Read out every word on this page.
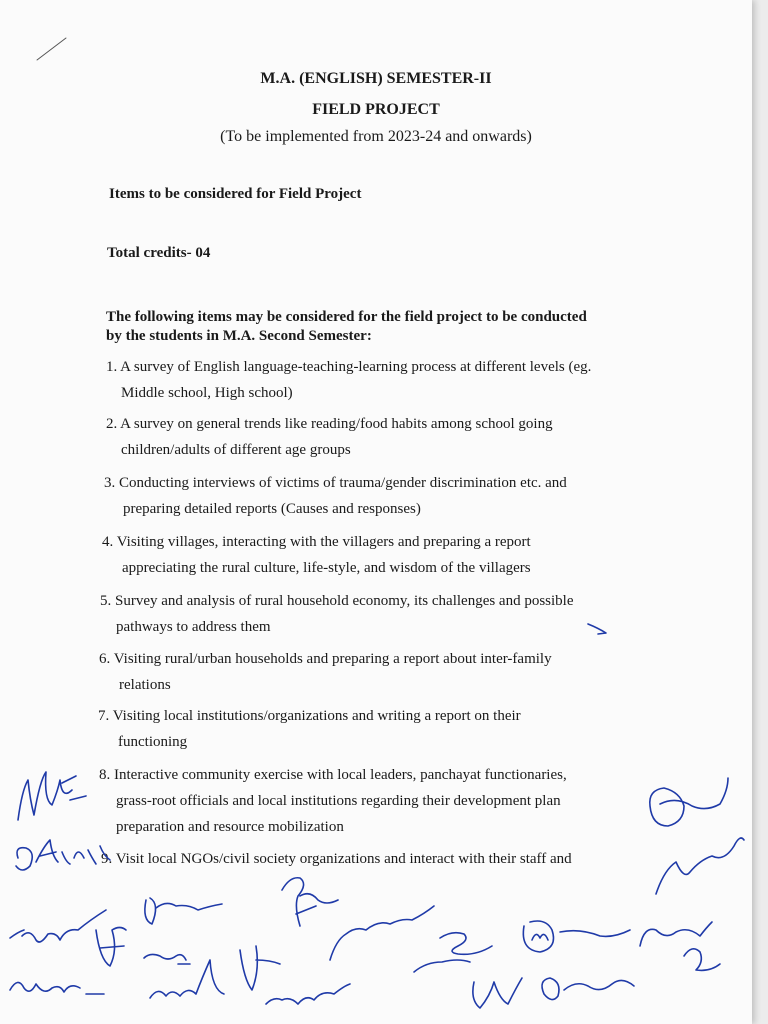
M.A. (ENGLISH) SEMESTER-II
FIELD PROJECT
(To be implemented from 2023-24 and onwards)
Items to be considered for Field Project
Total credits- 04
The following items may be considered for the field project to be conducted
by the students in M.A. Second Semester:
1. A survey of English language-teaching-learning process at different levels (eg.
Middle school, High school)
2. A survey on general trends like reading/food habits among school going
children/adults of different age groups
3. Conducting interviews of victims of trauma/gender discrimination etc. and
preparing detailed reports (Causes and responses)
4. Visiting villages, interacting with the villagers and preparing a report
appreciating the rural culture, life-style, and wisdom of the villagers
5. Survey and analysis of rural household economy, its challenges and possible
pathways to address them
6. Visiting rural/urban households and preparing a report about inter-family
relations
7. Visiting local institutions/organizations and writing a report on their
functioning
8. Interactive community exercise with local leaders, panchayat functionaries,
grass-root officials and local institutions regarding their development plan
preparation and resource mobilization
9. Visit local NGOs/civil society organizations and interact with their staff and
